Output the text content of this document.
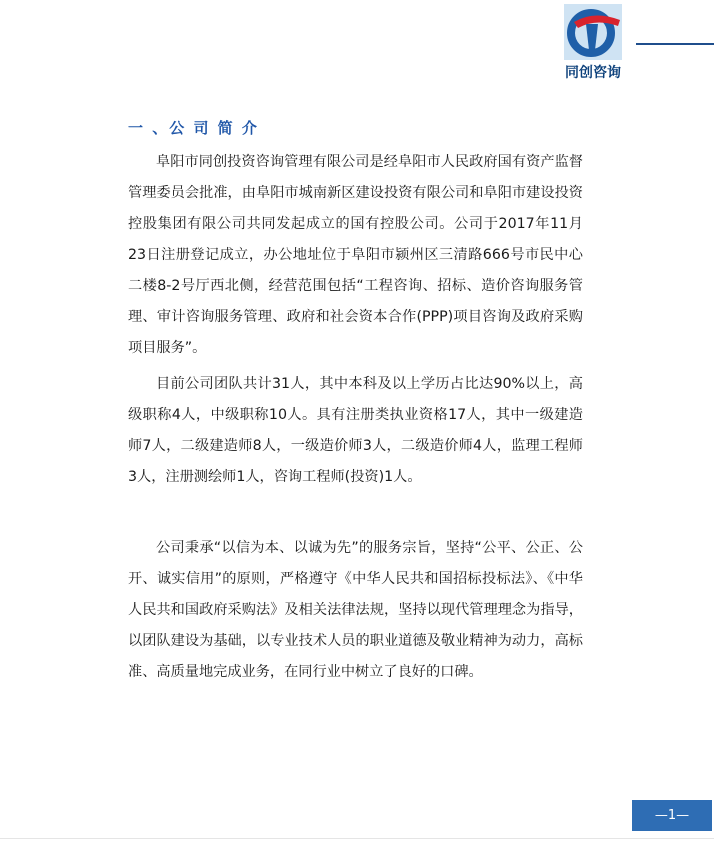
同创咨询
一 、公 司 简 介

阜阳市同创投资咨询管理有限公司是经阜阳市人民政府国有资产监督管理委员会批准，由阜阳市城南新区建设投资有限公司和阜阳市建设投资控股集团有限公司共同发起成立的国有控股公司。公司于2017年11月23日注册登记成立，办公地址位于阜阳市颍州区三清路666号市民中心二楼8-2号厅西北侧，经营范围包括“工程咨询、招标、造价咨询服务管理、审计咨询服务管理、政府和社会资本合作(PPP)项目咨询及政府采购项目服务”。

目前公司团队共计31人，其中本科及以上学历占比达90%以上，高级职称4人，中级职称10人。具有注册类执业资格17人，其中一级建造师7人，二级建造师8人，一级造价师3人，二级造价师4人，监理工程师3人，注册测绘师1人，咨询工程师(投资)1人。

公司秉承“以信为本、以诚为先”的服务宗旨，坚持“公平、公正、公开、诚实信用”的原则，严格遵守《中华人民共和国招标投标法》、《中华人民共和国政府采购法》及相关法律法规，坚持以现代管理理念为指导，以团队建设为基础，以专业技术人员的职业道德及敬业精神为动力，高标准、高质量地完成业务，在同行业中树立了良好的口碑。

—1—
